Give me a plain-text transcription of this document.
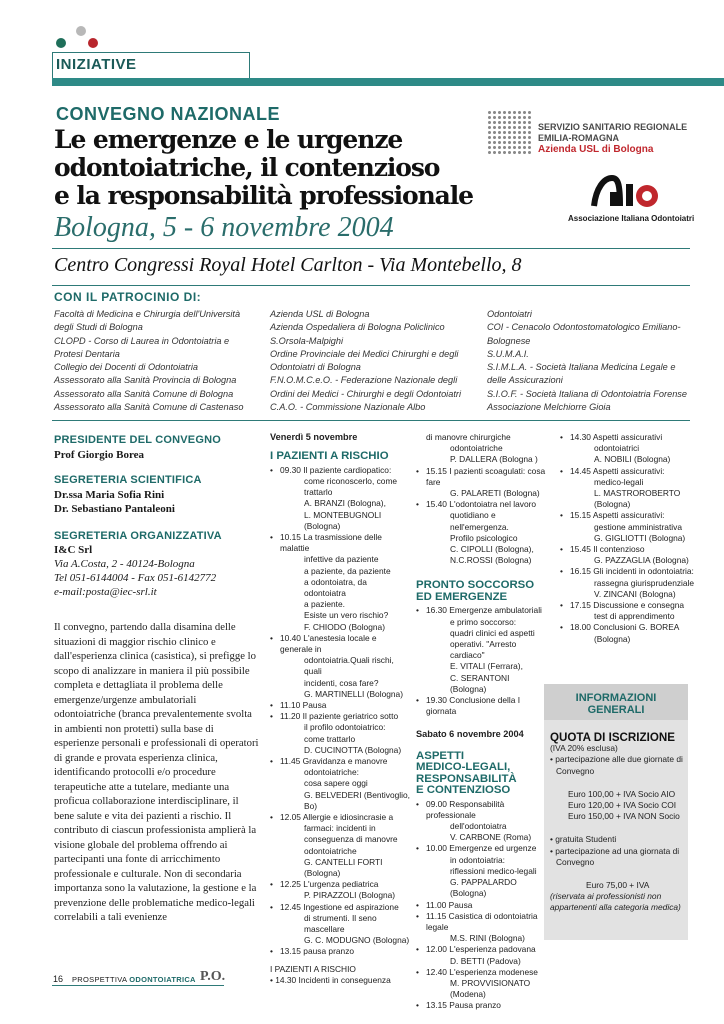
INIZIATIVE
CONVEGNO NAZIONALE
Le emergenze e le urgenze
odontoiatriche, il contenzioso
e la responsabilità professionale
Bologna, 5 - 6 novembre 2004
Centro Congressi Royal Hotel Carlton - Via Montebello, 8
SERVIZIO SANITARIO REGIONALE
EMILIA-ROMAGNA
Azienda USL di Bologna
Associazione Italiana Odontoiatri
CON IL PATROCINIO DI:
Facoltà di Medicina e Chirurgia dell'Università
degli Studi di Bologna
CLOPD - Corso di Laurea in Odontoiatria e
Protesi Dentaria
Collegio dei Docenti di Odontoiatria
Assessorato alla Sanità Provincia di Bologna
Assessorato alla Sanità Comune di Bologna
Assessorato alla Sanità Comune di Castenaso
Azienda USL di Bologna
Azienda Ospedaliera di Bologna Policlinico
S.Orsola-Malpighi
Ordine Provinciale dei Medici Chirurghi e degli
Odontoiatri di Bologna
F.N.O.M.C.e.O. - Federazione Nazionale degli
Ordini dei Medici - Chirurghi e degli Odontoiatri
C.A.O. - Commissione Nazionale Albo
Odontoiatri
COI - Cenacolo Odontostomatologico Emiliano-
Bolognese
S.U.M.A.I.
S.I.M.L.A. - Società Italiana Medicina Legale e
delle Assicurazioni
S.I.O.F. - Società Italiana di Odontoiatria Forense
Associazione Melchiorre Gioia
PRESIDENTE DEL CONVEGNO
Prof Giorgio Borea
SEGRETERIA SCIENTIFICA
Dr.ssa Maria Sofia Rini
Dr. Sebastiano Pantaleoni
SEGRETERIA ORGANIZZATIVA
I&C Srl
Via A.Costa, 2 - 40124-Bologna
Tel 051-6144004 - Fax 051-6142772
e-mail:posta@iec-srl.it
Il convegno, partendo dalla disamina delle situazioni di maggior rischio clinico e dall'esperienza clinica (casistica), si prefigge lo scopo di analizzare in maniera il più possibile completa e dettagliata il problema delle emergenze/urgenze ambulatoriali odontoiatriche (branca prevalentemente svolta in ambienti non protetti) sulla base di esperienze personali e professionali di operatori di grande e provata esperienza clinica, identificando protocolli e/o procedure terapeutiche atte a tutelare, mediante una proficua collaborazione interdisciplinare, il bene salute e vita dei pazienti a rischio. Il contributo di ciascun professionista amplierà la visione globale del problema offrendo ai partecipanti una fonte di arricchimento professionale e culturale. Non di secondaria importanza sono la valutazione, la gestione e la prevenzione delle problematiche medico-legali correlabili a tali evenienze
Venerdì 5 novembre
I PAZIENTI A RISCHIO
• 09.30 Il paziente cardiopatico:
come riconoscerlo, come
trattarlo
A. BRANZI (Bologna),
L. MONTEBUGNOLI (Bologna)
• 10.15 La trasmissione delle malattie
infettive da paziente
a paziente, da paziente
a odontoiatra, da odontoiatra
a paziente.
Esiste un vero rischio?
F. CHIODO (Bologna)
• 10.40 L'anestesia locale e generale in
odontoiatria.Quali rischi, quali
incidenti, cosa fare?
G. MARTINELLI (Bologna)
• 11.10 Pausa
• 11.20 Il paziente geriatrico sotto
il profilo odontoiatrico:
come trattarlo
D. CUCINOTTA (Bologna)
• 11.45 Gravidanza e manovre
odontoiatriche:
cosa sapere oggi
G. BELVEDERI (Bentivoglio, Bo)
• 12.05 Allergie e idiosincrasie a
farmaci: incidenti in
conseguenza di manovre
odontoiatriche
G. CANTELLI FORTI (Bologna)
• 12.25 L'urgenza pediatrica
P. PIRAZZOLI (Bologna)
• 12.45 Ingestione ed aspirazione
di strumenti. Il seno mascellare
G. C. MODUGNO (Bologna)
• 13.15 pausa pranzo
I PAZIENTI A RISCHIO
• 14.30 Incidenti in conseguenza
di manovre chirurgiche
odontoiatriche
P. DALLERA (Bologna )
• 15.15 I pazienti scoagulati: cosa fare
G. PALARETI (Bologna)
• 15.40 L'odontoiatra nel lavoro
quotidiano e nell'emergenza.
Profilo psicologico
C. CIPOLLI (Bologna),
N.C.ROSSI (Bologna)
PRONTO SOCCORSO
ED EMERGENZE
• 16.30 Emergenze ambulatoriali
e primo soccorso:
quadri clinici ed aspetti
operativi. "Arresto cardiaco"
E. VITALI (Ferrara),
C. SERANTONI (Bologna)
• 19.30 Conclusione della I giornata
Sabato 6 novembre 2004
ASPETTI
MEDICO-LEGALI,
RESPONSABILITÀ
E CONTENZIOSO
• 09.00 Responsabilità professionale
dell'odontoiatra
V. CARBONE (Roma)
• 10.00 Emergenze ed urgenze
in odontoiatria:
riflessioni medico-legali
G. PAPPALARDO (Bologna)
• 11.00 Pausa
• 11.15 Casistica di odontoiatria legale
M.S. RINI (Bologna)
• 12.00 L'esperienza padovana
D. BETTI (Padova)
• 12.40 L'esperienza modenese
M. PROVVISIONATO (Modena)
• 13.15 Pausa pranzo
• 14.30 Aspetti assicurativi
odontoiatrici
A. NOBILI (Bologna)
• 14.45 Aspetti assicurativi:
medico-legali
L. MASTROROBERTO (Bologna)
• 15.15 Aspetti assicurativi:
gestione amministrativa
G. GIGLIOTTI (Bologna)
• 15.45 Il contenzioso
G. PAZZAGLIA (Bologna)
• 16.15 Gli incidenti in odontoiatria:
rassegna giurisprudenziale
V. ZINCANI (Bologna)
• 17.15 Discussione e consegna
test di apprendimento
• 18.00 Conclusioni G. BOREA
(Bologna)
INFORMAZIONI
GENERALI
QUOTA DI ISCRIZIONE
(IVA 20% esclusa)
• partecipazione alle due giornate di
Convegno
Euro 100,00 + IVA Socio AIO
Euro 120,00 + IVA Socio COI
Euro 150,00 + IVA NON Socio
• gratuita Studenti
• partecipazione ad una giornata di
Convegno
Euro 75,00 + IVA
(riservata ai professionisti non
appartenenti alla categoria medica)
16 PROSPETTIVA ODONTOIATRICA P.O.
